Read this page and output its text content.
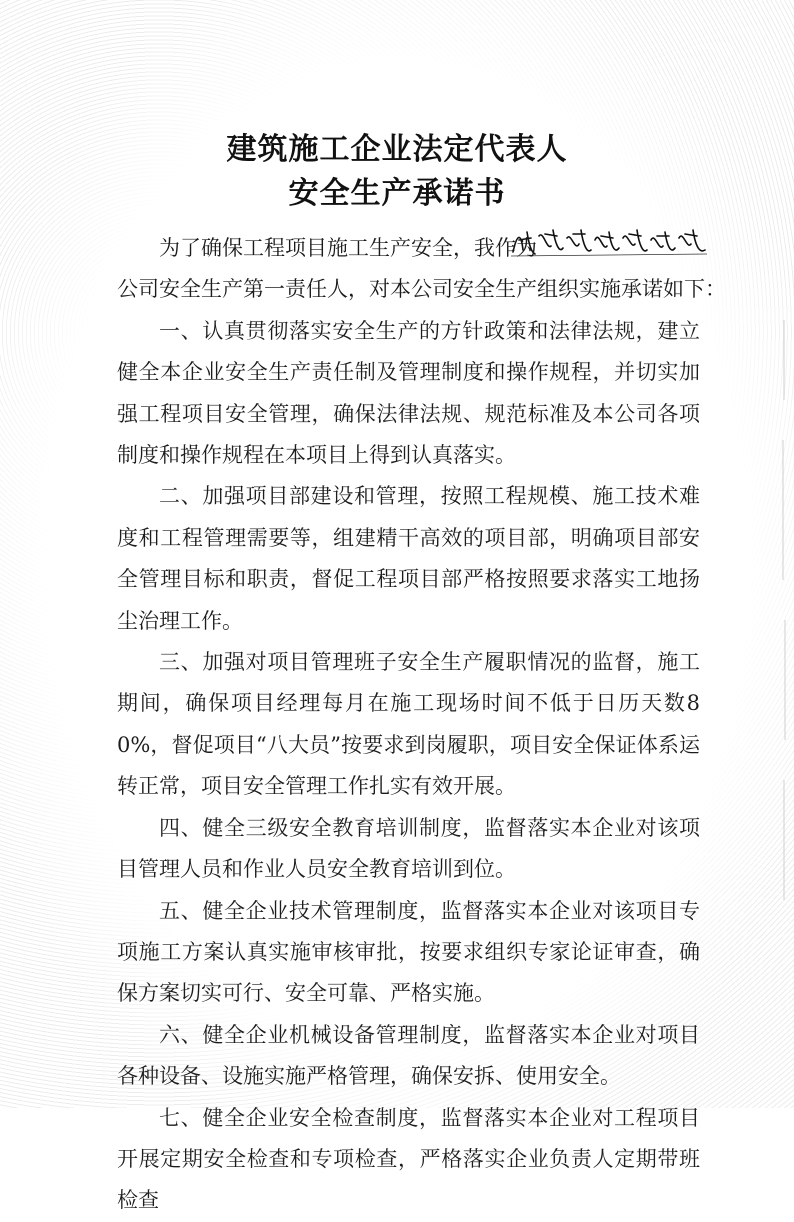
建筑施工企业法定代表人
安全生产承诺书
为了确保工程项目施工生产安全，我作为
公司安全生产第一责任人，对本公司安全生产组织实施承诺如下：

一、认真贯彻落实安全生产的方针政策和法律法规，建立健全本企业安全生产责任制及管理制度和操作规程，并切实加强工程项目安全管理，确保法律法规、规范标准及本公司各项制度和操作规程在本项目上得到认真落实。

二、加强项目部建设和管理，按照工程规模、施工技术难度和工程管理需要等，组建精干高效的项目部，明确项目部安全管理目标和职责，督促工程项目部严格按照要求落实工地扬尘治理工作。

三、加强对项目管理班子安全生产履职情况的监督，施工期间，确保项目经理每月在施工现场时间不低于日历天数80%，督促项目“八大员”按要求到岗履职，项目安全保证体系运转正常，项目安全管理工作扎实有效开展。

四、健全三级安全教育培训制度，监督落实本企业对该项目管理人员和作业人员安全教育培训到位。

五、健全企业技术管理制度，监督落实本企业对该项目专项施工方案认真实施审核审批，按要求组织专家论证审查，确保方案切实可行、安全可靠、严格实施。

六、健全企业机械设备管理制度，监督落实本企业对项目各种设备、设施实施严格管理，确保安拆、使用安全。

七、健全企业安全检查制度，监督落实本企业对工程项目开展定期安全检查和专项检查，严格落实企业负责人定期带班检查
